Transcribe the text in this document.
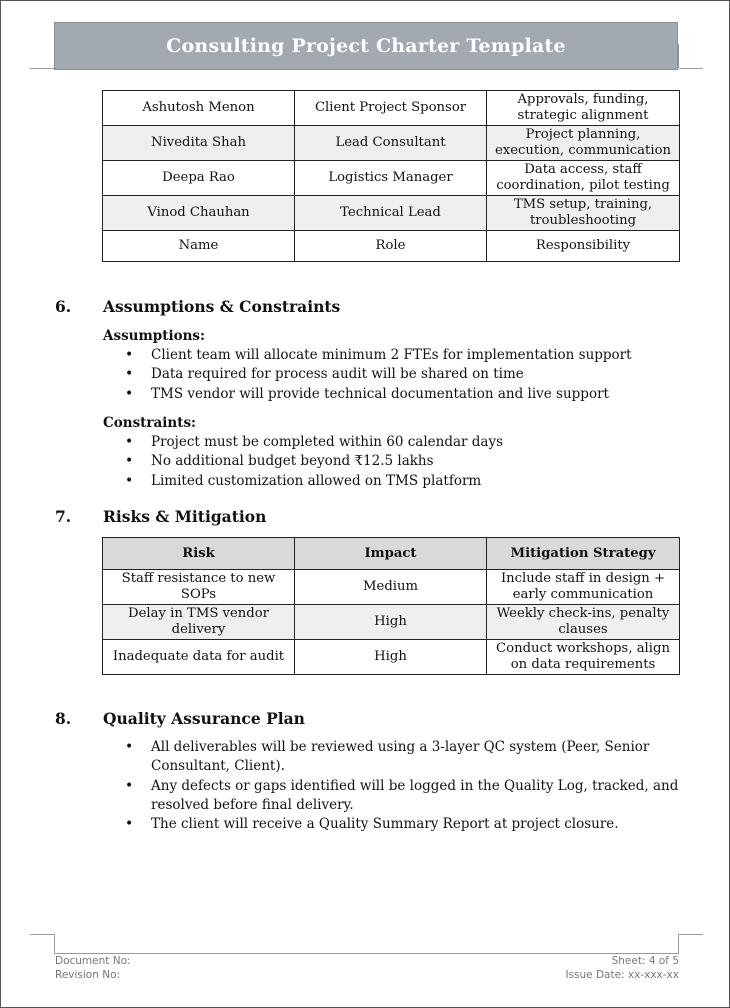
Consulting Project Charter Template
Ashutosh Menon	Client Project Sponsor	Approvals, funding, strategic alignment
Nivedita Shah	Lead Consultant	Project planning, execution, communication
Deepa Rao	Logistics Manager	Data access, staff coordination, pilot testing
Vinod Chauhan	Technical Lead	TMS setup, training, troubleshooting
Name	Role	Responsibility
6. Assumptions & Constraints
Assumptions:
• Client team will allocate minimum 2 FTEs for implementation support
• Data required for process audit will be shared on time
• TMS vendor will provide technical documentation and live support
Constraints:
• Project must be completed within 60 calendar days
• No additional budget beyond ₹12.5 lakhs
• Limited customization allowed on TMS platform
7. Risks & Mitigation
Risk	Impact	Mitigation Strategy
Staff resistance to new SOPs	Medium	Include staff in design + early communication
Delay in TMS vendor delivery	High	Weekly check-ins, penalty clauses
Inadequate data for audit	High	Conduct workshops, align on data requirements
8. Quality Assurance Plan
• All deliverables will be reviewed using a 3-layer QC system (Peer, Senior Consultant, Client).
• Any defects or gaps identified will be logged in the Quality Log, tracked, and resolved before final delivery.
• The client will receive a Quality Summary Report at project closure.
Document No:
Revision No:
Sheet: 4 of 5
Issue Date: xx-xxx-xx
